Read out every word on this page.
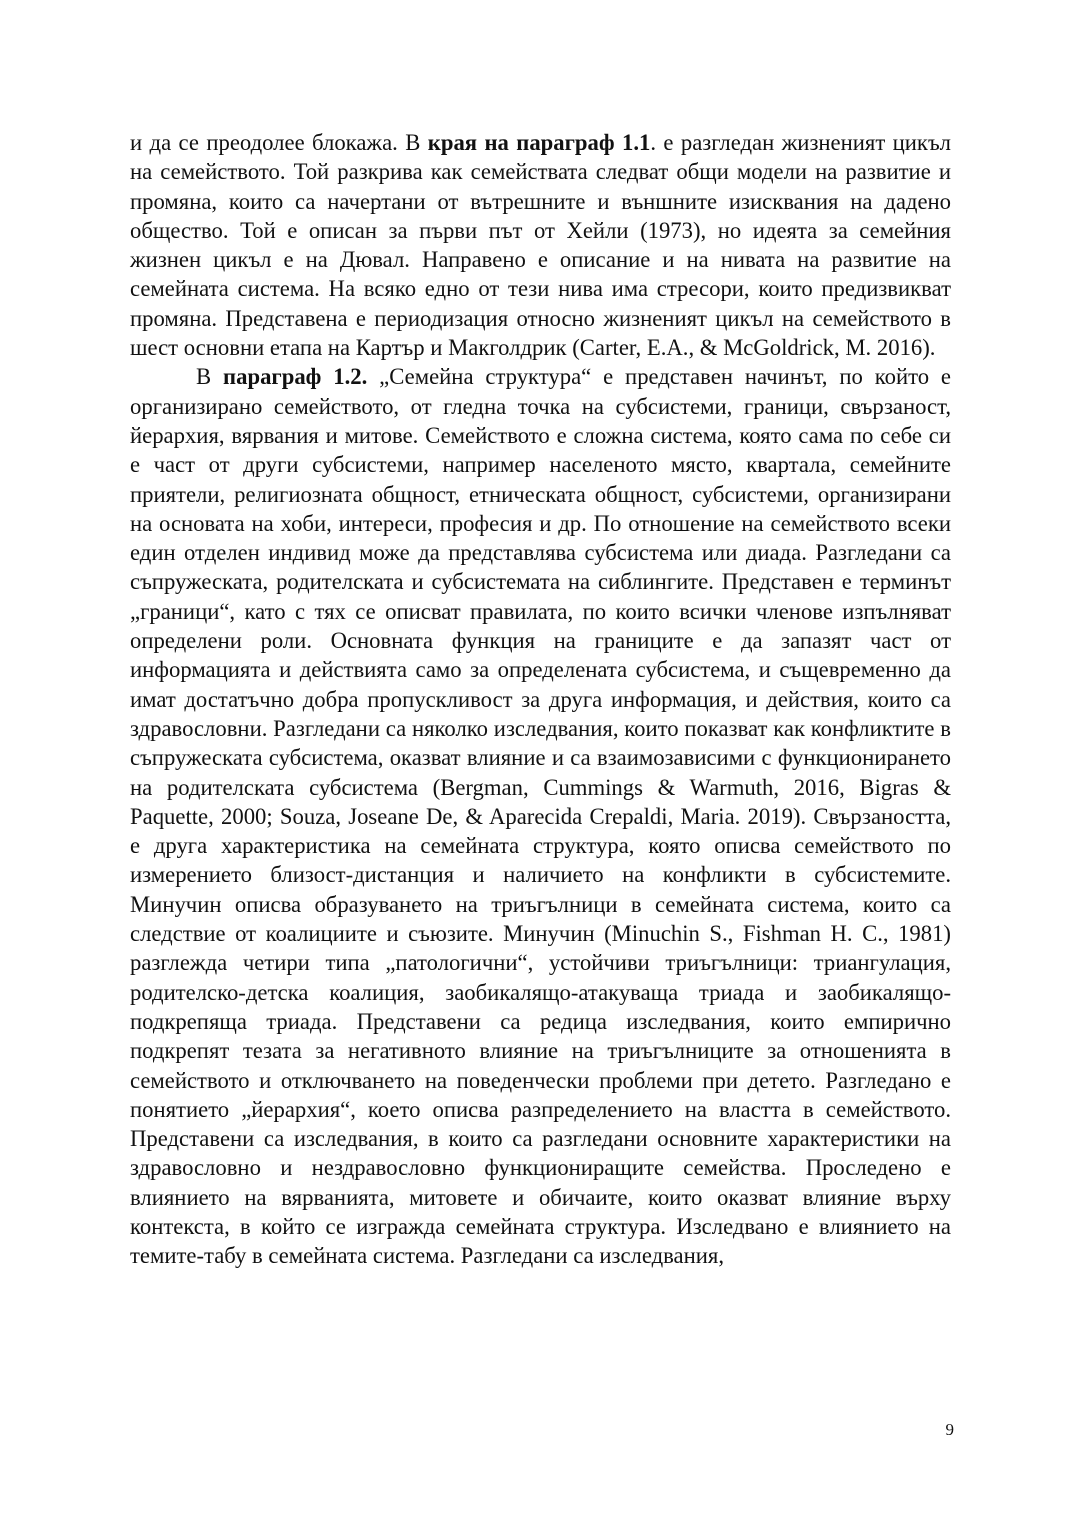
и да се преодолее блокажа. В края на параграф 1.1. е разгледан жизненият цикъл на семейството. Той разкрива как семействата следват общи модели на развитие и промяна, които са начертани от вътрешните и външните изисквания на дадено общество. Той е описан за първи път от Хейли (1973), но идеята за семейния жизнен цикъл е на Дювал. Направено е описание и на нивата на развитие на семейната система. На всяко едно от тези нива има стресори, които предизвикват промяна. Представена е периодизация относно жизненият цикъл на семейството в шест основни етапа на Картър и Макголдрик (Carter, E.A., & McGoldrick, M. 2016).

В параграф 1.2. „Семейна структура“ е представен начинът, по който е организирано семейството, от гледна точка на субсистеми, граници, свързаност, йерархия, вярвания и митове. Семейството е сложна система, която сама по себе си е част от други субсистеми, например населеното място, квартала, семейните приятели, религиозната общност, етническата общност, субсистеми, организирани на основата на хоби, интереси, професия и др. По отношение на семейството всеки един отделен индивид може да представлява субсистема или диада. Разгледани са съпружеската, родителската и субсистемата на сиблингите. Представен е терминът „граници“, като с тях се описват правилата, по които всички членове изпълняват определени роли. Основната функция на границите е да запазят част от информацията и действията само за определената субсистема, и същевременно да имат достатъчно добра пропускливост за друга информация, и действия, които са здравословни. Разгледани са няколко изследвания, които показват как конфликтите в съпружеската субсистема, оказват влияние и са взаимозависими с функционирането на родителската субсистема (Bergman, Cummings & Warmuth, 2016, Bigras & Paquette, 2000; Souza, Joseane De, & Aparecida Crepaldi, Maria. 2019). Свързаността, е друга характеристика на семейната структура, която описва семейството по измерението близост-дистанция и наличието на конфликти в субсистемите. Минучин описва образуването на триъгълници в семейната система, които са следствие от коалициите и съюзите. Минучин (Minuchin S., Fishman H. C., 1981) разглежда четири типа „патологични“, устойчиви триъгълници: триангулация, родителско-детска коалиция, заобикалящо-атакуваща триада и заобикалящо-подкрепяща триада. Представени са редица изследвания, които емпирично подкрепят тезата за негативното влияние на триъгълниците за отношенията в семейството и отключването на поведенчески проблеми при детето. Разгледано е понятието „йерархия“, което описва разпределението на властта в семейството. Представени са изследвания, в които са разгледани основните характеристики на здравословно и нездравословно функциониращите семейства. Проследено е влиянието на вярванията, митовете и обичаите, които оказват влияние върху контекста, в който се изгражда семейната структура. Изследвано е влиянието на темите-табу в семейната система. Разгледани са изследвания,

9
